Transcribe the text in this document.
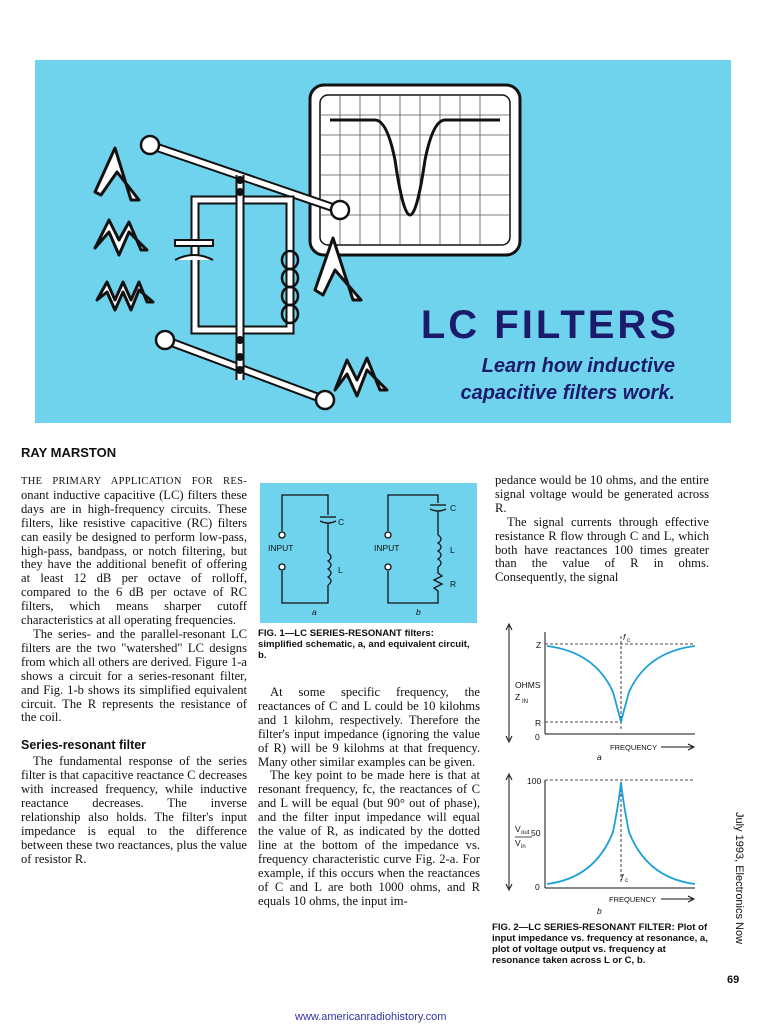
LC FILTERS
Learn how inductive
capacitive filters work.
RAY MARSTON

THE PRIMARY APPLICATION FOR RES- onant inductive capacitive (LC) filters these days are in high-frequency circuits. These filters, like resistive capacitive (RC) filters can easily be designed to perform low-pass, high-pass, bandpass, or notch filtering, but they have the additional benefit of offering at least 12 dB per octave of rolloff, compared to the 6 dB per octave of RC filters, which means sharper cutoff characteristics at all operating frequencies.

The series- and the parallel-resonant LC filters are the two "watershed" LC designs from which all others are derived. Figure 1-a shows a circuit for a series-resonant filter, and Fig. 1-b shows its simplified equivalent circuit. The R represents the resistance of the coil.

Series-resonant filter

The fundamental response of the series filter is that capacitive reactance C decreases with increased frequency, while inductive reactance decreases. The inverse relationship also holds. The filter's input impedance is equal to the difference between these two reactances, plus the value of resistor R.

C
L
INPUT
a
C
L
R
INPUT
b
FIG. 1—LC SERIES-RESONANT filters: simplified schematic, a, and equivalent circuit, b.

At some specific frequency, the reactances of C and L could be 10 kilohms and 1 kilohm, respectively. Therefore the filter's input impedance (ignoring the value of R) will be 9 kilohms at that frequency. Many other similar examples can be given.

The key point to be made here is that at resonant frequency, fc, the reactances of C and L will be equal (but 90° out of phase), and the filter input impedance will equal the value of R, as indicated by the dotted line at the bottom of the impedance vs. frequency characteristic curve Fig. 2-a. For example, if this occurs when the reactances of C and L are both 1000 ohms, and R equals 10 ohms, the input im-

pedance would be 10 ohms, and the entire signal voltage would be generated across R.

The signal currents through effective resistance R flow through C and L, which both have reactances 100 times greater than the value of R in ohms. Consequently, the signal

Z
OHMS
Z IN
R
0
f c
FREQUENCY
a
100
50
0
V out
V in
f c
FREQUENCY
b
FIG. 2—LC SERIES-RESONANT FILTER: Plot of input impedance vs. frequency at resonance, a, plot of voltage output vs. frequency at resonance taken across L or C, b.
July 1993, Electronics Now
69
www.americanradiohistory.com
